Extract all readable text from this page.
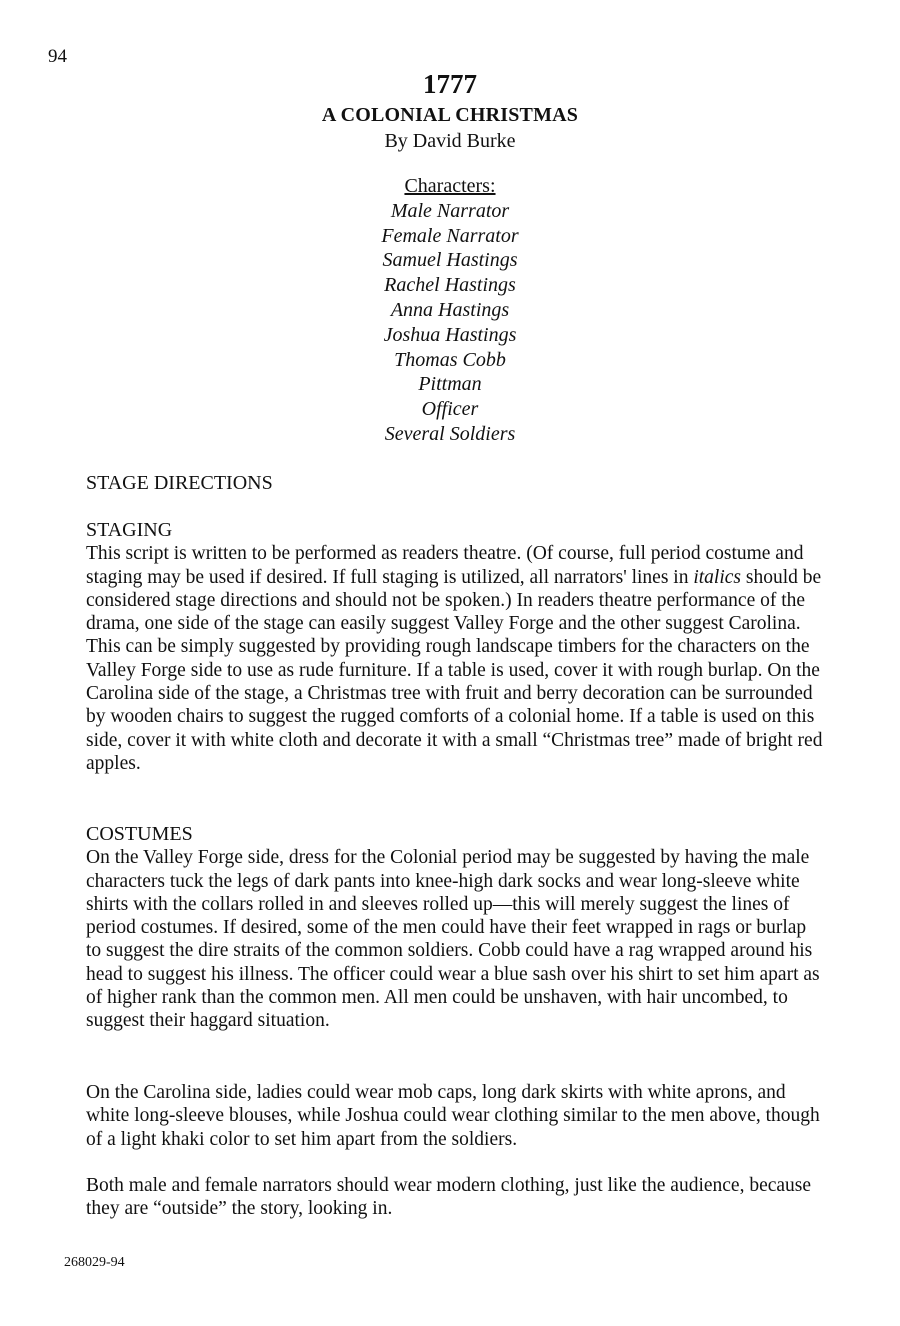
94
1777
A COLONIAL CHRISTMAS
By David Burke
Characters:
Male Narrator
Female Narrator
Samuel Hastings
Rachel Hastings
Anna Hastings
Joshua Hastings
Thomas Cobb
Pittman
Officer
Several Soldiers
STAGE DIRECTIONS
STAGING

This script is written to be performed as readers theatre. (Of course, full period costume and staging may be used if desired. If full staging is utilized, all narrators' lines in italics should be considered stage directions and should not be spoken.) In readers theatre performance of the drama, one side of the stage can easily suggest Valley Forge and the other suggest Carolina. This can be simply suggested by providing rough landscape timbers for the characters on the Valley Forge side to use as rude furniture. If a table is used, cover it with rough burlap. On the Carolina side of the stage, a Christmas tree with fruit and berry decoration can be surrounded by wooden chairs to suggest the rugged comforts of a colonial home. If a table is used on this side, cover it with white cloth and decorate it with a small “Christmas tree” made of bright red apples.

COSTUMES

On the Valley Forge side, dress for the Colonial period may be suggested by having the male characters tuck the legs of dark pants into knee-high dark socks and wear long-sleeve white shirts with the collars rolled in and sleeves rolled up—this will merely suggest the lines of period costumes. If desired, some of the men could have their feet wrapped in rags or burlap to suggest the dire straits of the common soldiers. Cobb could have a rag wrapped around his head to suggest his illness. The officer could wear a blue sash over his shirt to set him apart as of higher rank than the common men. All men could be unshaven, with hair uncombed, to suggest their haggard situation.

On the Carolina side, ladies could wear mob caps, long dark skirts with white aprons, and white long-sleeve blouses, while Joshua could wear clothing similar to the men above, though of a light khaki color to set him apart from the soldiers.

Both male and female narrators should wear modern clothing, just like the audience, because they are “outside” the story, looking in.

268029-94
